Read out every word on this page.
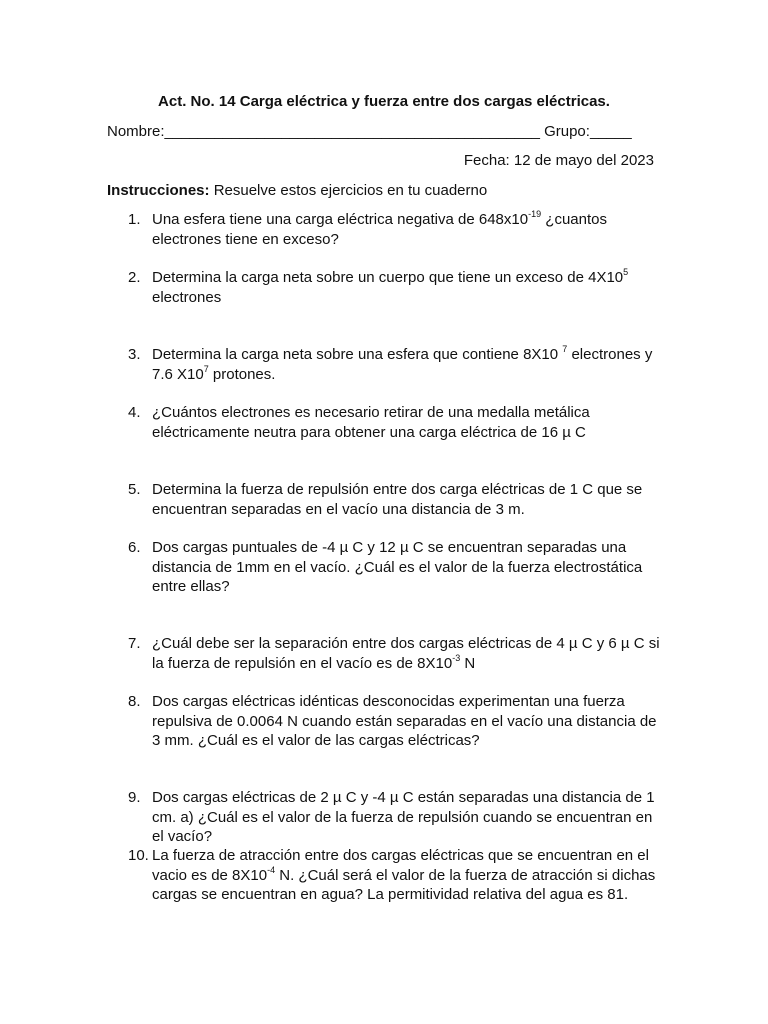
Act. No. 14 Carga eléctrica y fuerza entre dos cargas eléctricas.
Nombre:_____________________________________________ Grupo:_____
Fecha: 12 de mayo del 2023
Instrucciones: Resuelve estos ejercicios en tu cuaderno
1. Una esfera tiene una carga eléctrica negativa de $648x10^{-19}$ ¿cuantos electrones tiene en exceso?
2. Determina la carga neta sobre un cuerpo que tiene un exceso de $4X10^5$ electrones
3. Determina la carga neta sobre una esfera que contiene 8X10 $^7$ electrones y 7.6 $X10^7$ protones.
4. ¿Cuántos electrones es necesario retirar de una medalla metálica eléctricamente neutra para obtener una carga eléctrica de 16 µ C
5. Determina la fuerza de repulsión entre dos carga eléctricas de 1 C que se encuentran separadas en el vacío una distancia de 3 m.
6. Dos cargas puntuales de -4 µ C y 12 µ C se encuentran separadas una distancia de 1mm en el vacío. ¿Cuál es el valor de la fuerza electrostática entre ellas?
7. ¿Cuál debe ser la separación entre dos cargas eléctricas de 4 µ C y 6 µ C si la fuerza de repulsión en el vacío es de $8X10^{-3}$ N
8. Dos cargas eléctricas idénticas desconocidas experimentan una fuerza repulsiva de 0.0064 N cuando están separadas en el vacío una distancia de 3 mm. ¿Cuál es el valor de las cargas eléctricas?
9. Dos cargas eléctricas de 2 µ C y -4 µ C están separadas una distancia de 1 cm. a) ¿Cuál es el valor de la fuerza de repulsión cuando se encuentran en el vacío?
10. La fuerza de atracción entre dos cargas eléctricas que se encuentran en el vacio es de $8X10^{-4}$ N. ¿Cuál será el valor de la fuerza de atracción si dichas cargas se encuentran en agua? La permitividad relativa del agua es 81.
